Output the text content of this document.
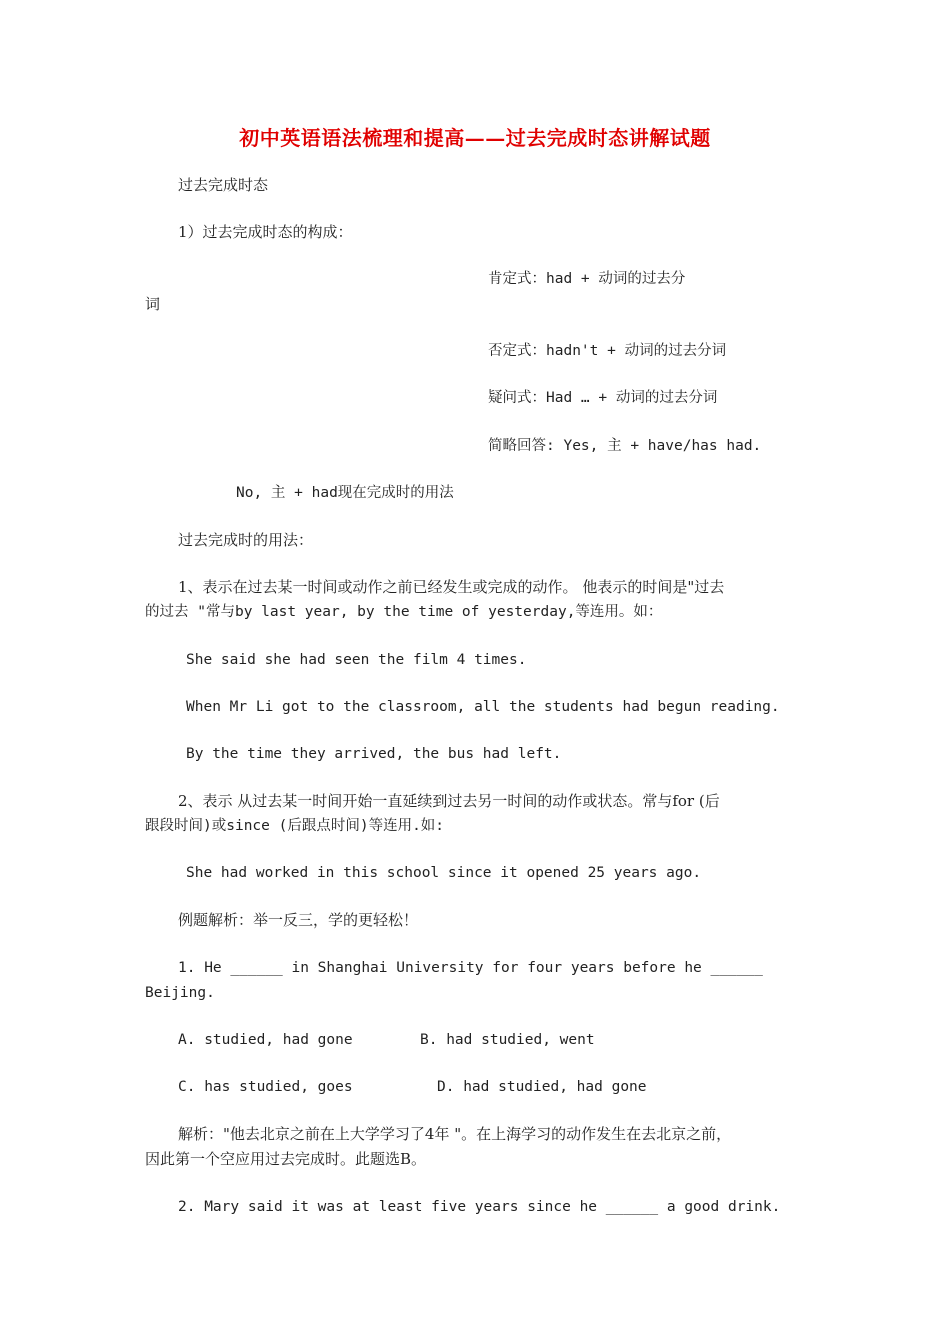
初中英语语法梳理和提高——过去完成时态讲解试题
过去完成时态
1）过去完成时态的构成：
肯定式：had + 动词的过去分
词
否定式：hadn't + 动词的过去分词
疑问式：Had … + 动词的过去分词
简略回答: Yes, 主 + have/has had.
No, 主 + had现在完成时的用法
过去完成时的用法：
1、表示在过去某一时间或动作之前已经发生或完成的动作。 他表示的时间是"过去
的过去 "常与by last year, by the time of yesterday,等连用。如：
She said she had seen the film 4 times.
When Mr Li got to the classroom, all the students had begun reading.
By the time they arrived, the bus had left.
2、表示 从过去某一时间开始一直延续到过去另一时间的动作或状态。常与for (后
跟段时间)或since (后跟点时间)等连用.如:
She had worked in this school since it opened 25 years ago.
例题解析：举一反三，学的更轻松！
1. He ______ in Shanghai University for four years before he ______
Beijing.
A. studied, had gone	B. had studied, went
C. has studied, goes	D. had studied, had gone
解析："他去北京之前在上大学学习了4年 "。在上海学习的动作发生在去北京之前，
因此第一个空应用过去完成时。此题选B。
2. Mary said it was at least five years since he ______ a good drink.
